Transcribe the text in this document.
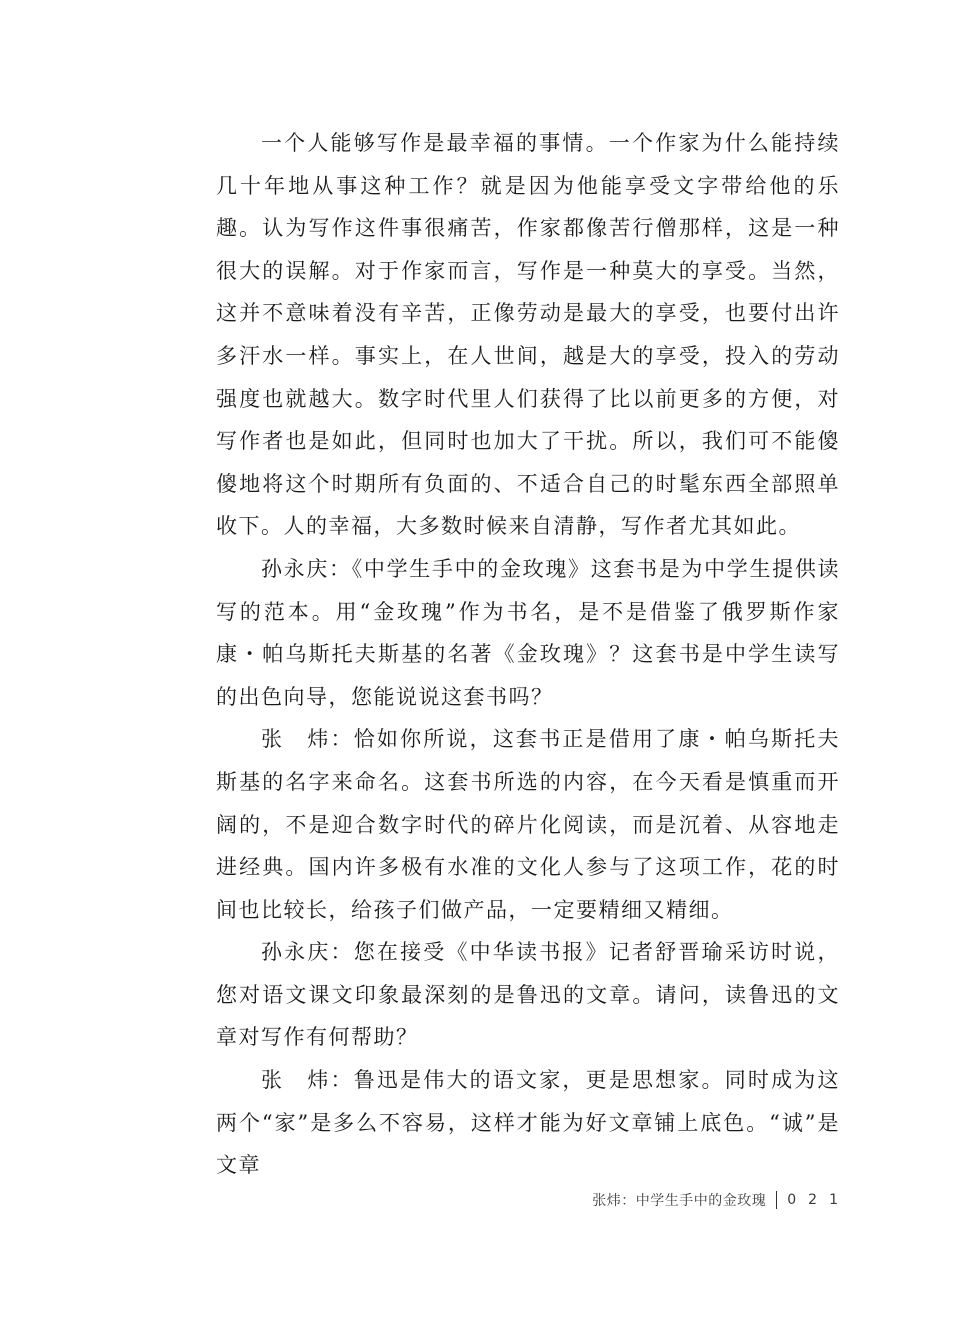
一个人能够写作是最幸福的事情。一个作家为什么能持续几十年地从事这种工作？就是因为他能享受文字带给他的乐趣。认为写作这件事很痛苦，作家都像苦行僧那样，这是一种很大的误解。对于作家而言，写作是一种莫大的享受。当然，这并不意味着没有辛苦，正像劳动是最大的享受，也要付出许多汗水一样。事实上，在人世间，越是大的享受，投入的劳动强度也就越大。数字时代里人们获得了比以前更多的方便，对写作者也是如此，但同时也加大了干扰。所以，我们可不能傻傻地将这个时期所有负面的、不适合自己的时髦东西全部照单收下。人的幸福，大多数时候来自清静，写作者尤其如此。

孙永庆：《中学生手中的金玫瑰》这套书是为中学生提供读写的范本。用“金玫瑰”作为书名，是不是借鉴了俄罗斯作家康・帕乌斯托夫斯基的名著《金玫瑰》？这套书是中学生读写的出色向导，您能说说这套书吗？

张　炜：恰如你所说，这套书正是借用了康・帕乌斯托夫斯基的名字来命名。这套书所选的内容，在今天看是慎重而开阔的，不是迎合数字时代的碎片化阅读，而是沉着、从容地走进经典。国内许多极有水准的文化人参与了这项工作，花的时间也比较长，给孩子们做产品，一定要精细又精细。

孙永庆：您在接受《中华读书报》记者舒晋瑜采访时说，您对语文课文印象最深刻的是鲁迅的文章。请问，读鲁迅的文章对写作有何帮助？

张　炜：鲁迅是伟大的语文家，更是思想家。同时成为这两个“家”是多么不容易，这样才能为好文章铺上底色。“诚”是文章

张炜：中学生手中的金玫瑰 021
